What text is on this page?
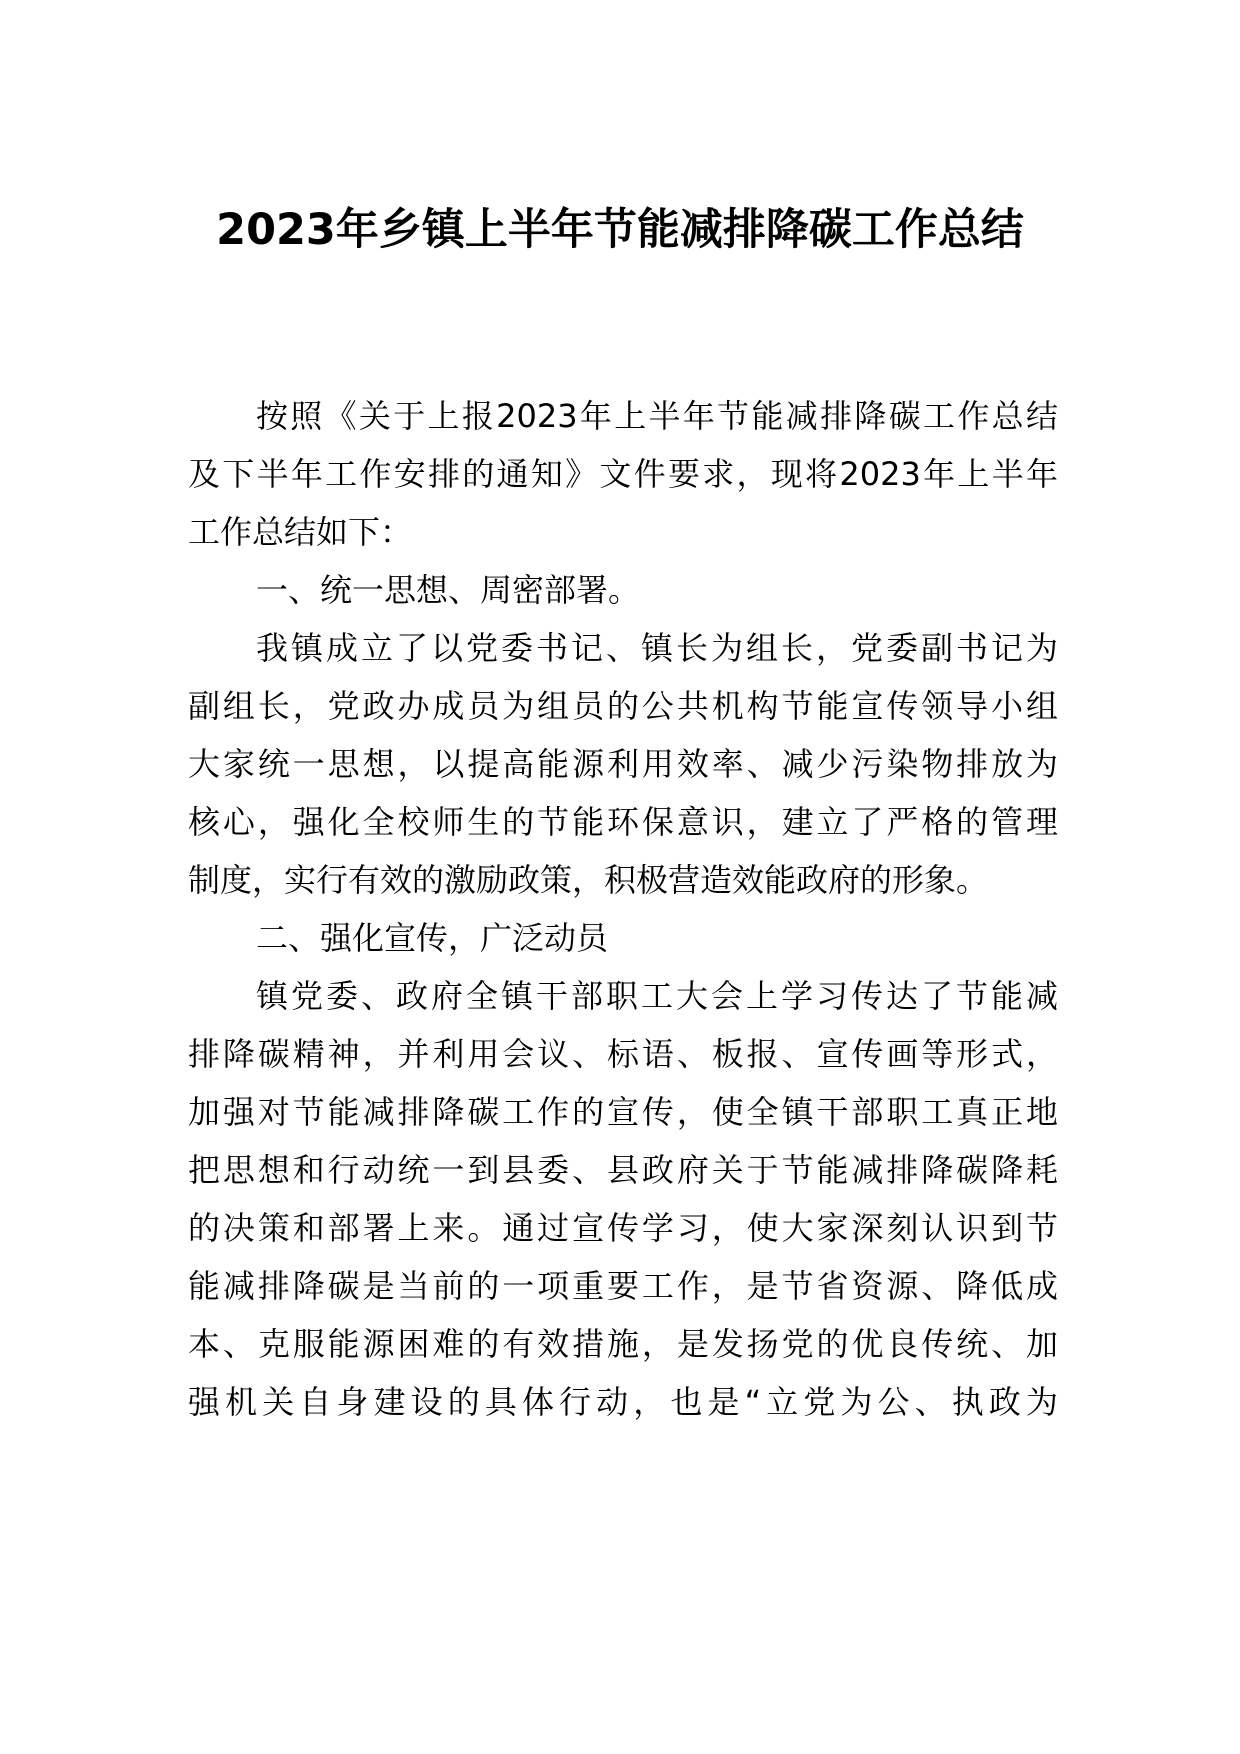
2023年乡镇上半年节能减排降碳工作总结
按照《关于上报2023年上半年节能减排降碳工作总结
及下半年工作安排的通知》文件要求，现将2023年上半年
工作总结如下：
一、统一思想、周密部署。
我镇成立了以党委书记、镇长为组长，党委副书记为
副组长，党政办成员为组员的公共机构节能宣传领导小组
大家统一思想，以提高能源利用效率、减少污染物排放为
核心，强化全校师生的节能环保意识，建立了严格的管理
制度，实行有效的激励政策，积极营造效能政府的形象。
二、强化宣传，广泛动员
镇党委、政府全镇干部职工大会上学习传达了节能减
排降碳精神，并利用会议、标语、板报、宣传画等形式，
加强对节能减排降碳工作的宣传，使全镇干部职工真正地
把思想和行动统一到县委、县政府关于节能减排降碳降耗
的决策和部署上来。通过宣传学习，使大家深刻认识到节
能减排降碳是当前的一项重要工作，是节省资源、降低成
本、克服能源困难的有效措施，是发扬党的优良传统、加
强机关自身建设的具体行动，也是“立党为公、执政为
